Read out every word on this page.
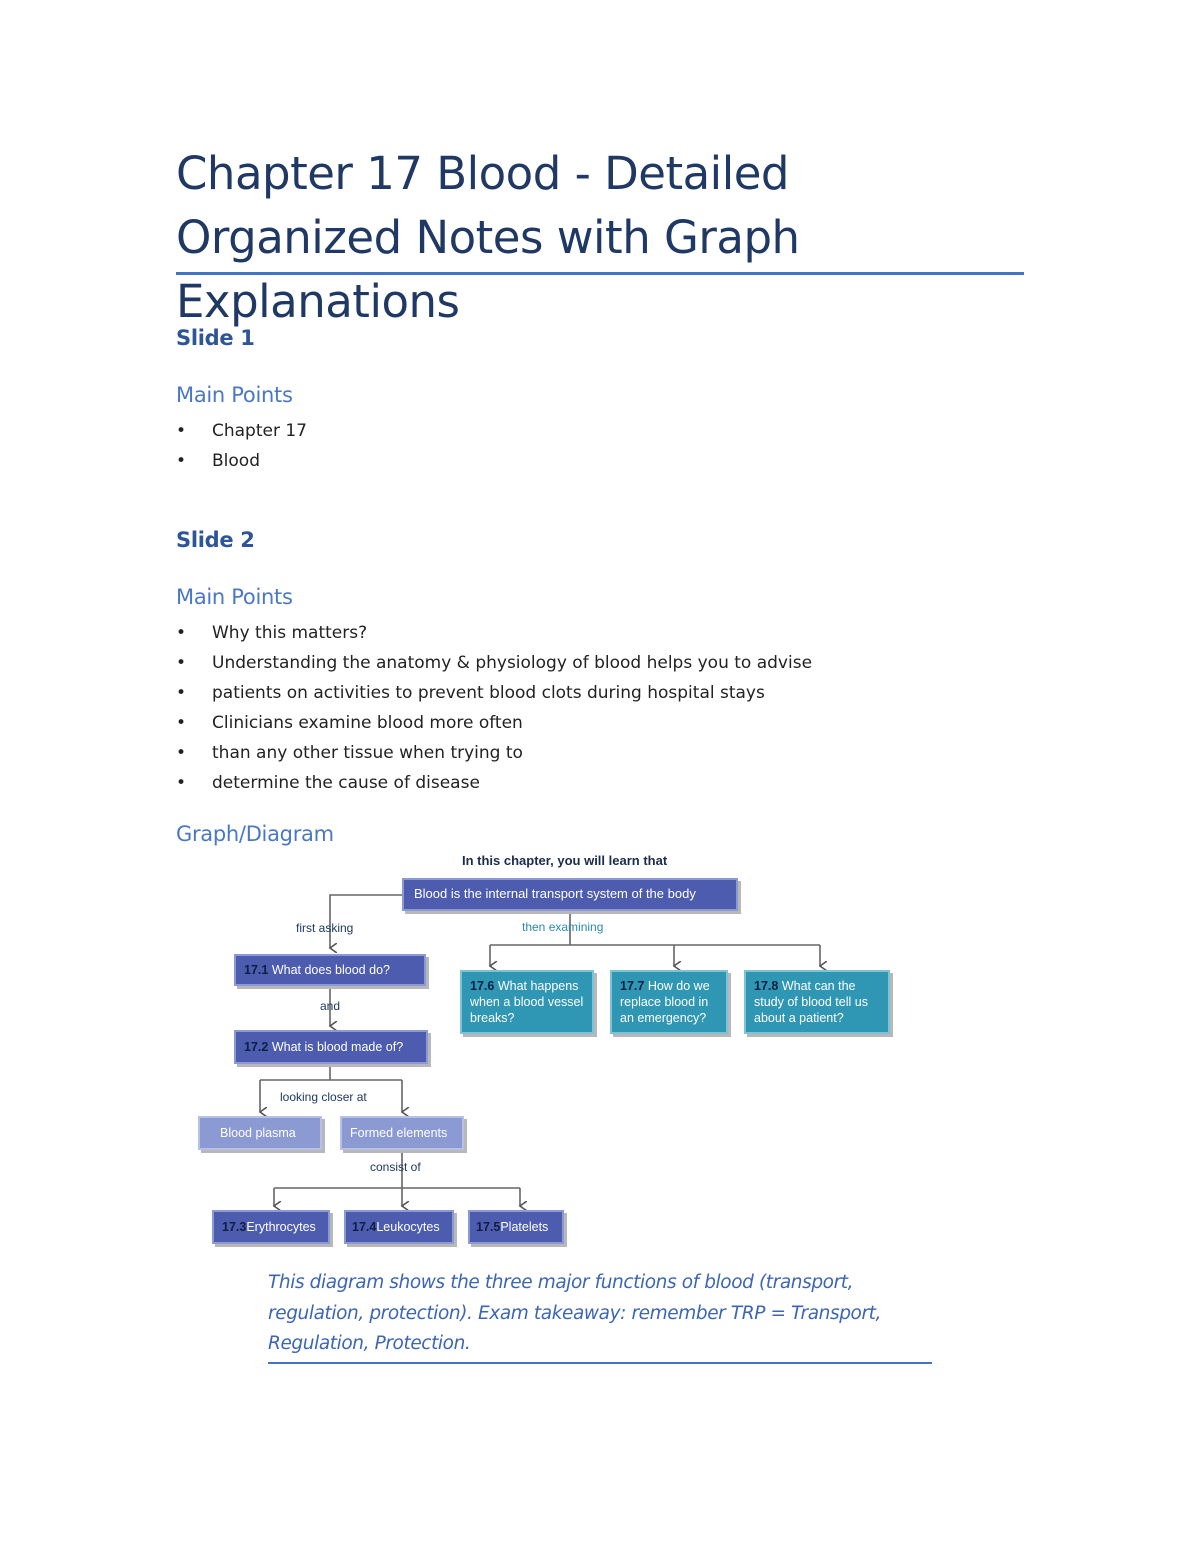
Chapter 17 Blood - Detailed Organized Notes with Graph Explanations
Slide 1
Main Points
• Chapter 17
• Blood
Slide 2
Main Points
• Why this matters?
• Understanding the anatomy & physiology of blood helps you to advise
• patients on activities to prevent blood clots during hospital stays
• Clinicians examine blood more often
• than any other tissue when trying to
• determine the cause of disease
Graph/Diagram
In this chapter, you will learn that
Blood is the internal transport system of the body
first asking	then examining
17.1 What does blood do?
and
17.2 What is blood made of?
looking closer at
Blood plasma	Formed elements
consist of
17.3Erythrocytes	17.4Leukocytes	17.5Platelets
17.6 What happens when a blood vessel breaks?
17.7 How do we replace blood in an emergency?
17.8 What can the study of blood tell us about a patient?
This diagram shows the three major functions of blood (transport, regulation, protection). Exam takeaway: remember TRP = Transport, Regulation, Protection.
